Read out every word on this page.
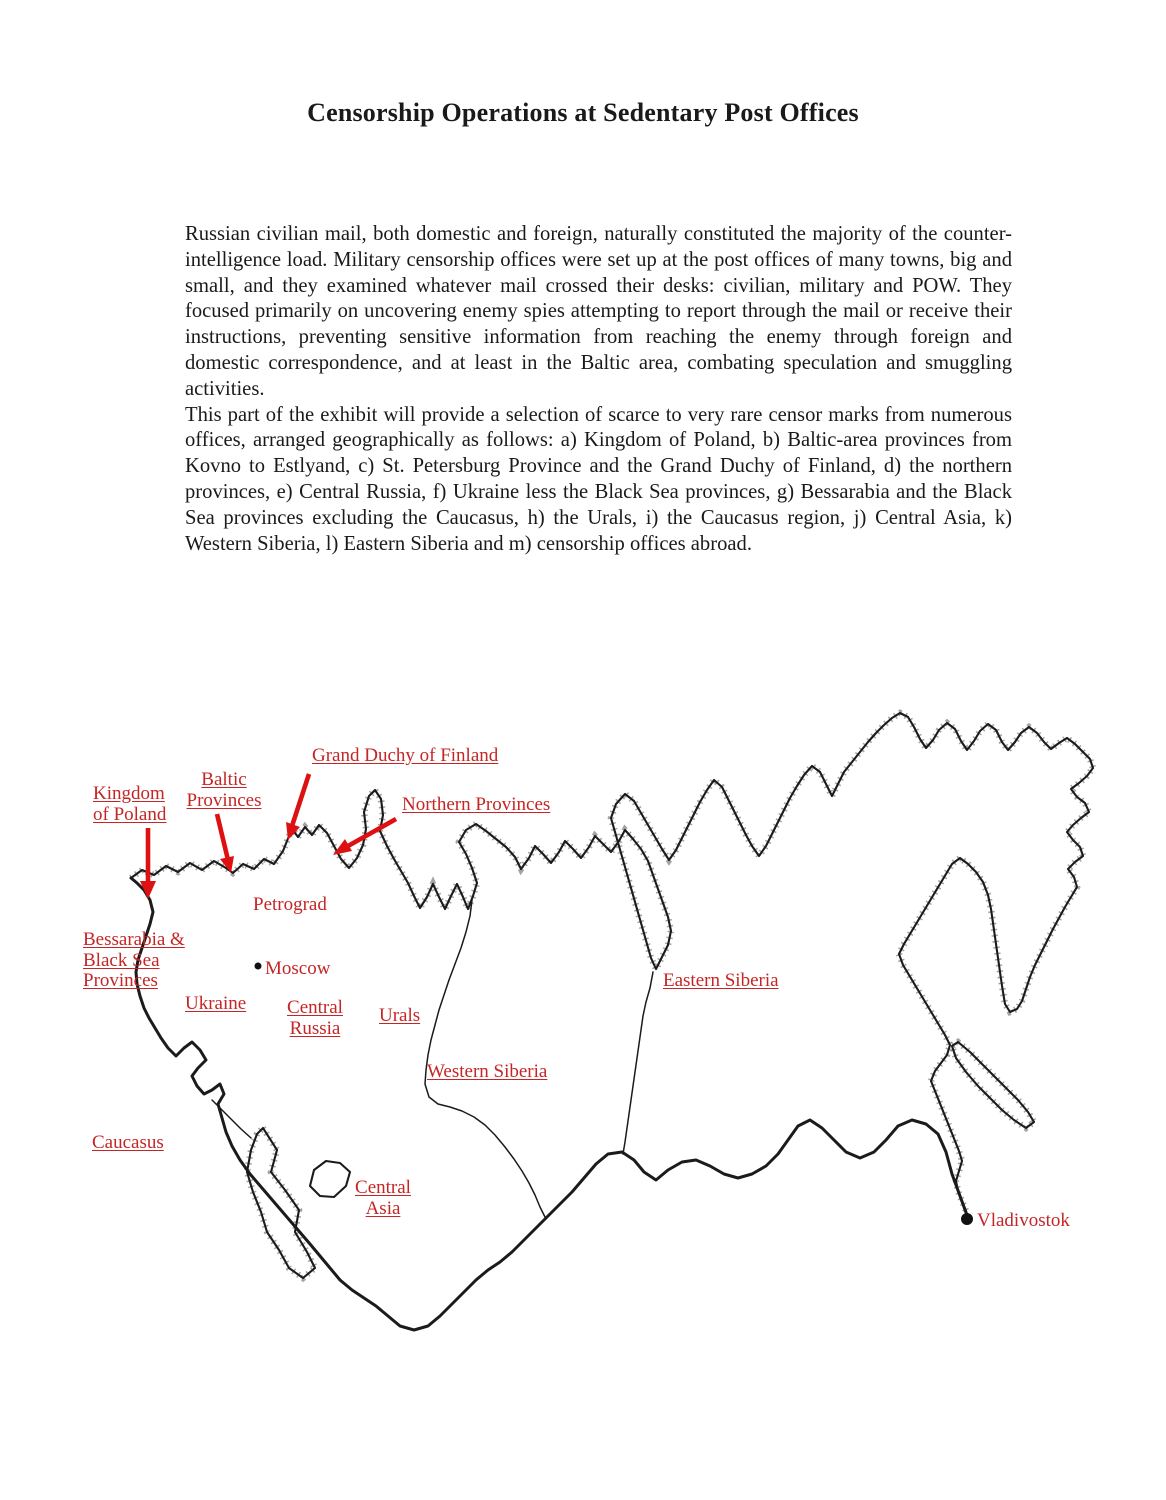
Censorship Operations at Sedentary Post Offices

Russian civilian mail, both domestic and foreign, naturally constituted the majority of the counter-intelligence load. Military censorship offices were set up at the post offices of many towns, big and small, and they examined whatever mail crossed their desks: civilian, military and POW. They focused primarily on uncovering enemy spies attempting to report through the mail or receive their instructions, preventing sensitive information from reaching the enemy through foreign and domestic correspondence, and at least in the Baltic area, combating speculation and smuggling activities.

This part of the exhibit will provide a selection of scarce to very rare censor marks from numerous offices, arranged geographically as follows: a) Kingdom of Poland, b) Baltic-area provinces from Kovno to Estlyand, c) St. Petersburg Province and the Grand Duchy of Finland, d) the northern provinces, e) Central Russia, f) Ukraine less the Black Sea provinces, g) Bessarabia and the Black Sea provinces excluding the Caucasus, h) the Urals, i) the Caucasus region, j) Central Asia, k) Western Siberia, l) Eastern Siberia and m) censorship offices abroad.

Kingdom
of Poland
Baltic
Provinces
Grand Duchy of Finland
Northern Provinces
Petrograd
Bessarabia &
Black Sea
Provinces
Moscow
Ukraine	Central
Russia
Urals
Eastern Siberia
Western Siberia
Caucasus
Central
Asia
Vladivostok
